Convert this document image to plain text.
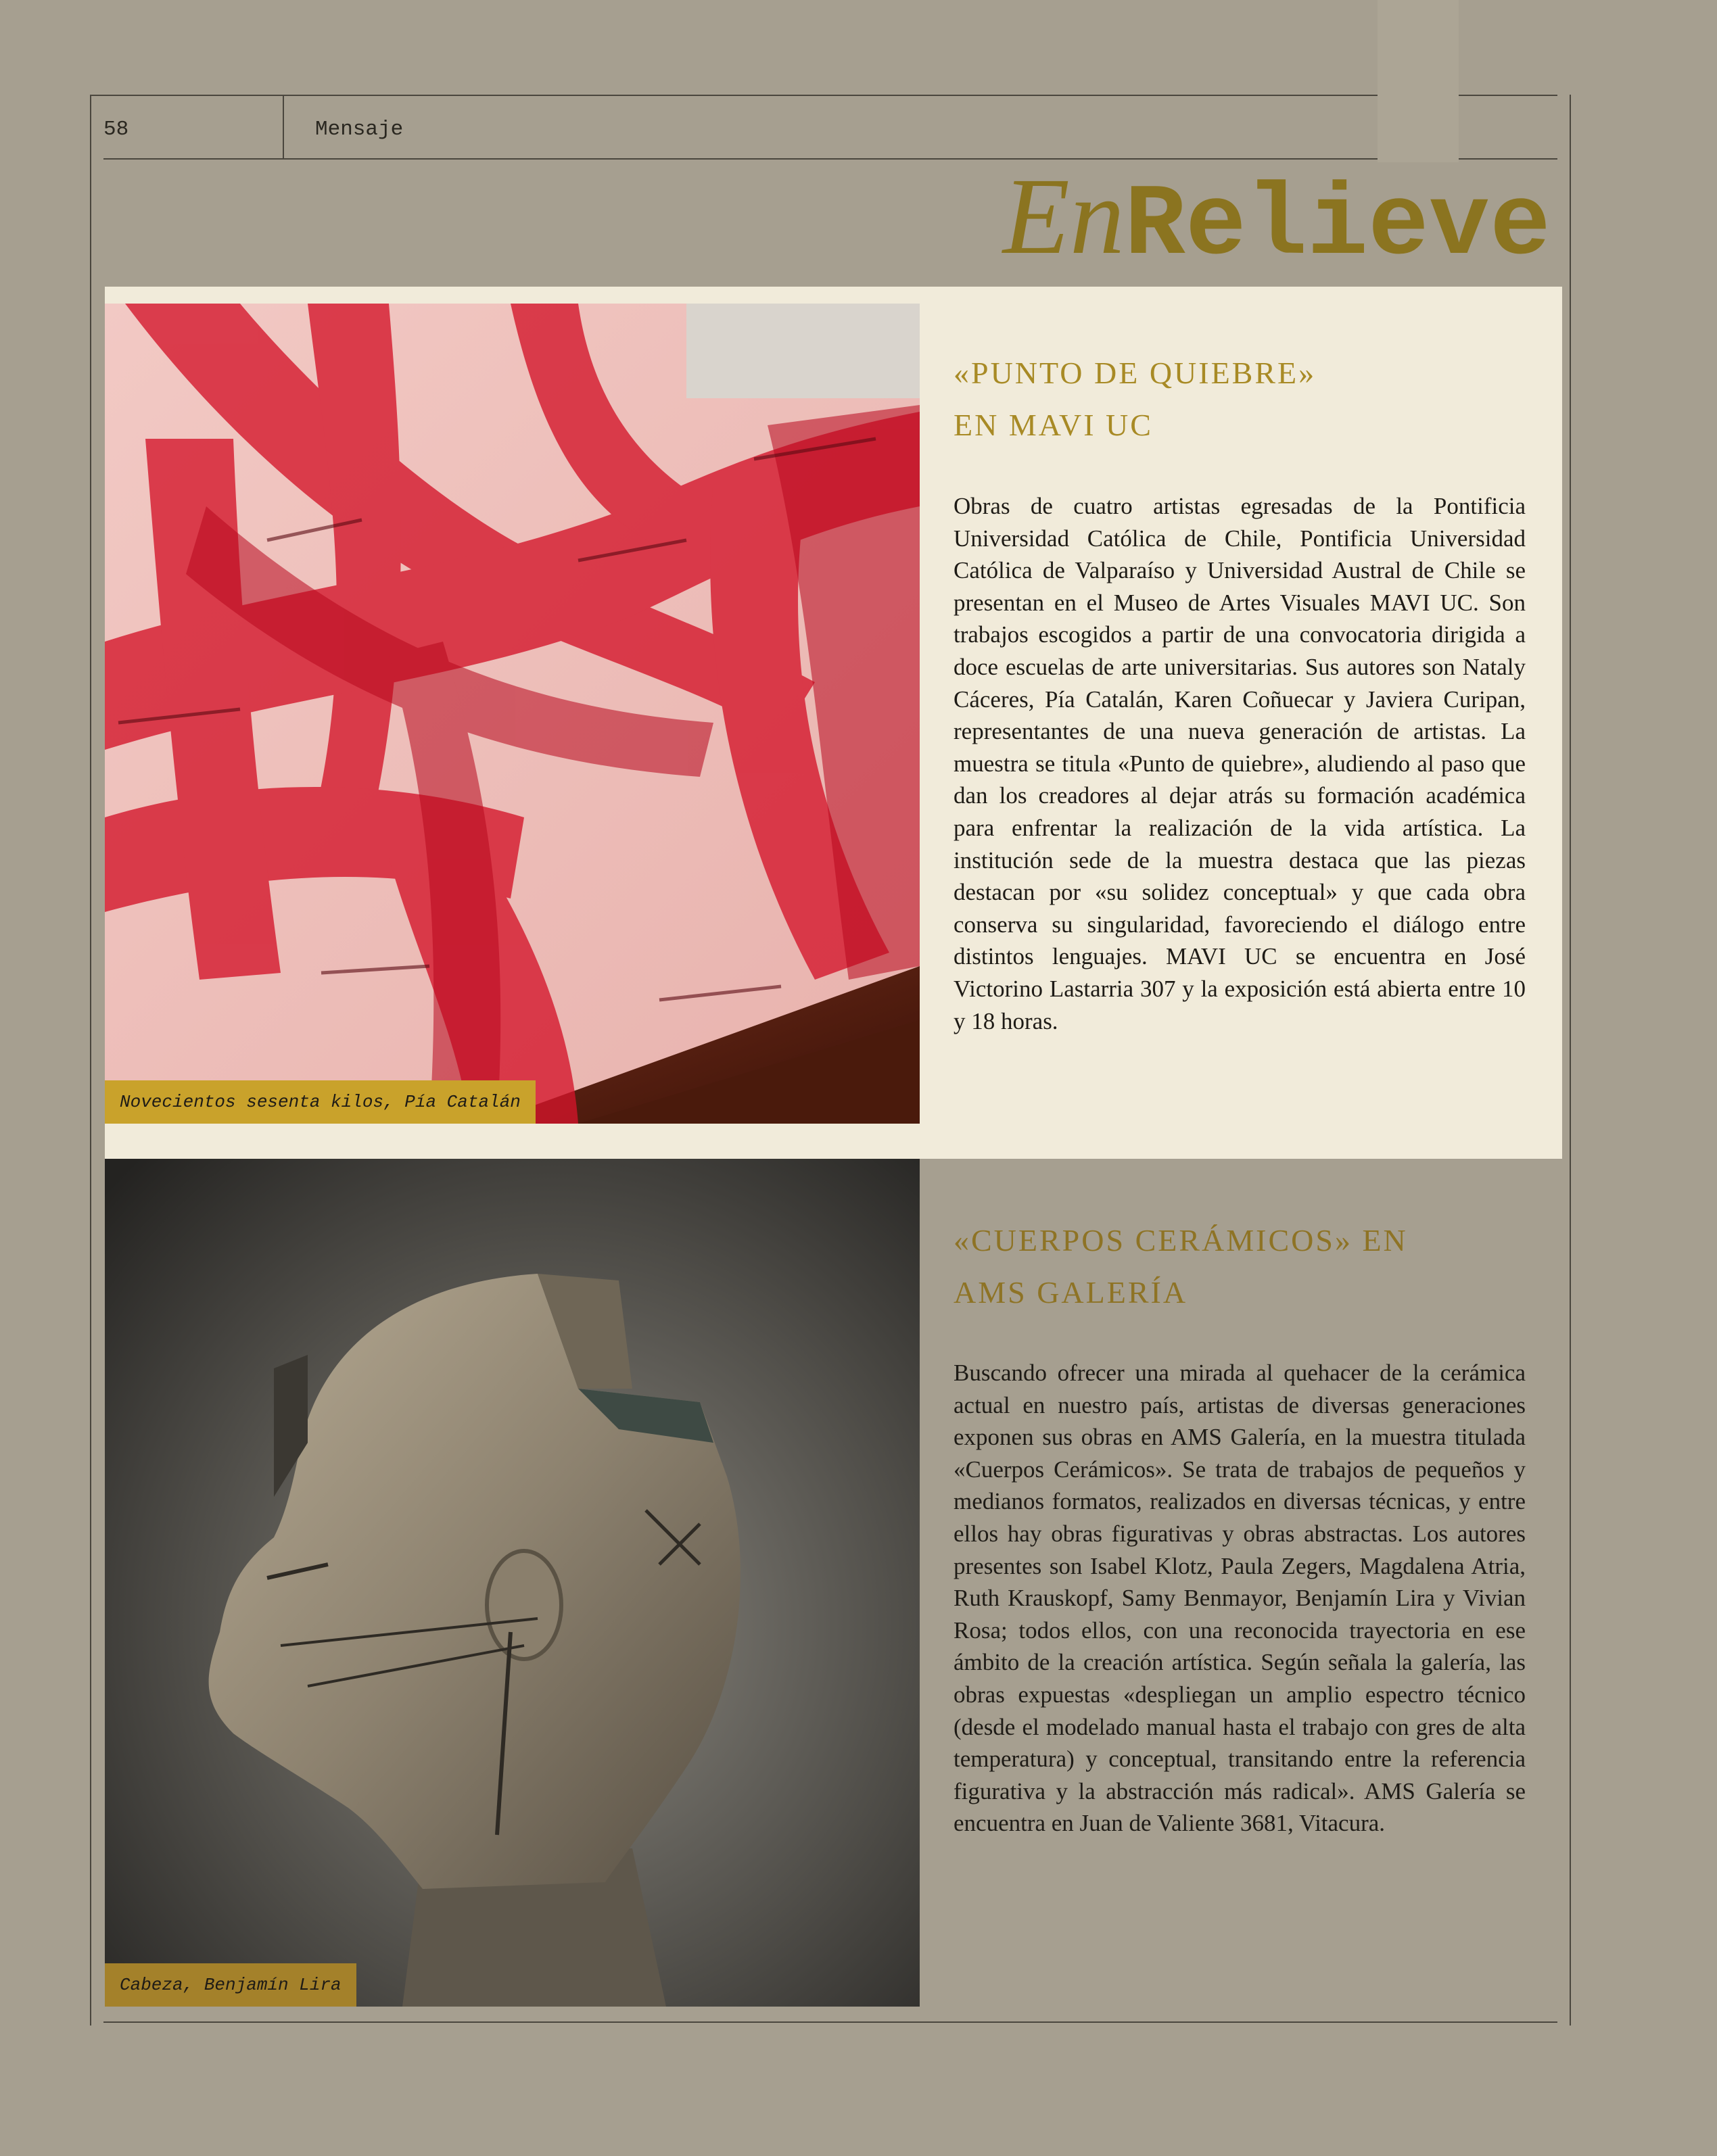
58	Mensaje
EnRelieve
Novecientos sesenta kilos, Pía Catalán
«PUNTO DE QUIEBRE»
EN MAVI UC
Obras de cuatro artistas egresadas de la Pontificia Universidad Católica de Chile, Pontificia Universidad Católica de Valparaíso y Universidad Austral de Chile se presentan en el Museo de Artes Visuales MAVI UC. Son trabajos escogidos a partir de una convocatoria dirigida a doce escuelas de arte universitarias. Sus autores son Nataly Cáceres, Pía Catalán, Karen Coñuecar y Javiera Curipan, representantes de una nueva generación de artistas. La muestra se titula «Punto de quiebre», aludiendo al paso que dan los creadores al dejar atrás su formación académica para enfrentar la realización de la vida artística. La institución sede de la muestra destaca que las piezas destacan por «su solidez conceptual» y que cada obra conserva su singularidad, favoreciendo el diálogo entre distintos lenguajes. MAVI UC se encuentra en José Victorino Lastarria 307 y la exposición está abierta entre 10 y 18 horas.
Cabeza, Benjamín Lira
«CUERPOS CERÁMICOS» EN
AMS GALERÍA
Buscando ofrecer una mirada al quehacer de la cerámica actual en nuestro país, artistas de diversas generaciones exponen sus obras en AMS Galería, en la muestra titulada «Cuerpos Cerámicos». Se trata de trabajos de pequeños y medianos formatos, realizados en diversas técnicas, y entre ellos hay obras figurativas y obras abstractas. Los autores presentes son Isabel Klotz, Paula Zegers, Magdalena Atria, Ruth Krauskopf, Samy Benmayor, Benjamín Lira y Vivian Rosa; todos ellos, con una reconocida trayectoria en ese ámbito de la creación artística. Según señala la galería, las obras expuestas «despliegan un amplio espectro técnico (desde el modelado manual hasta el trabajo con gres de alta temperatura) y conceptual, transitando entre la referencia figurativa y la abstracción más radical». AMS Galería se encuentra en Juan de Valiente 3681, Vitacura.
